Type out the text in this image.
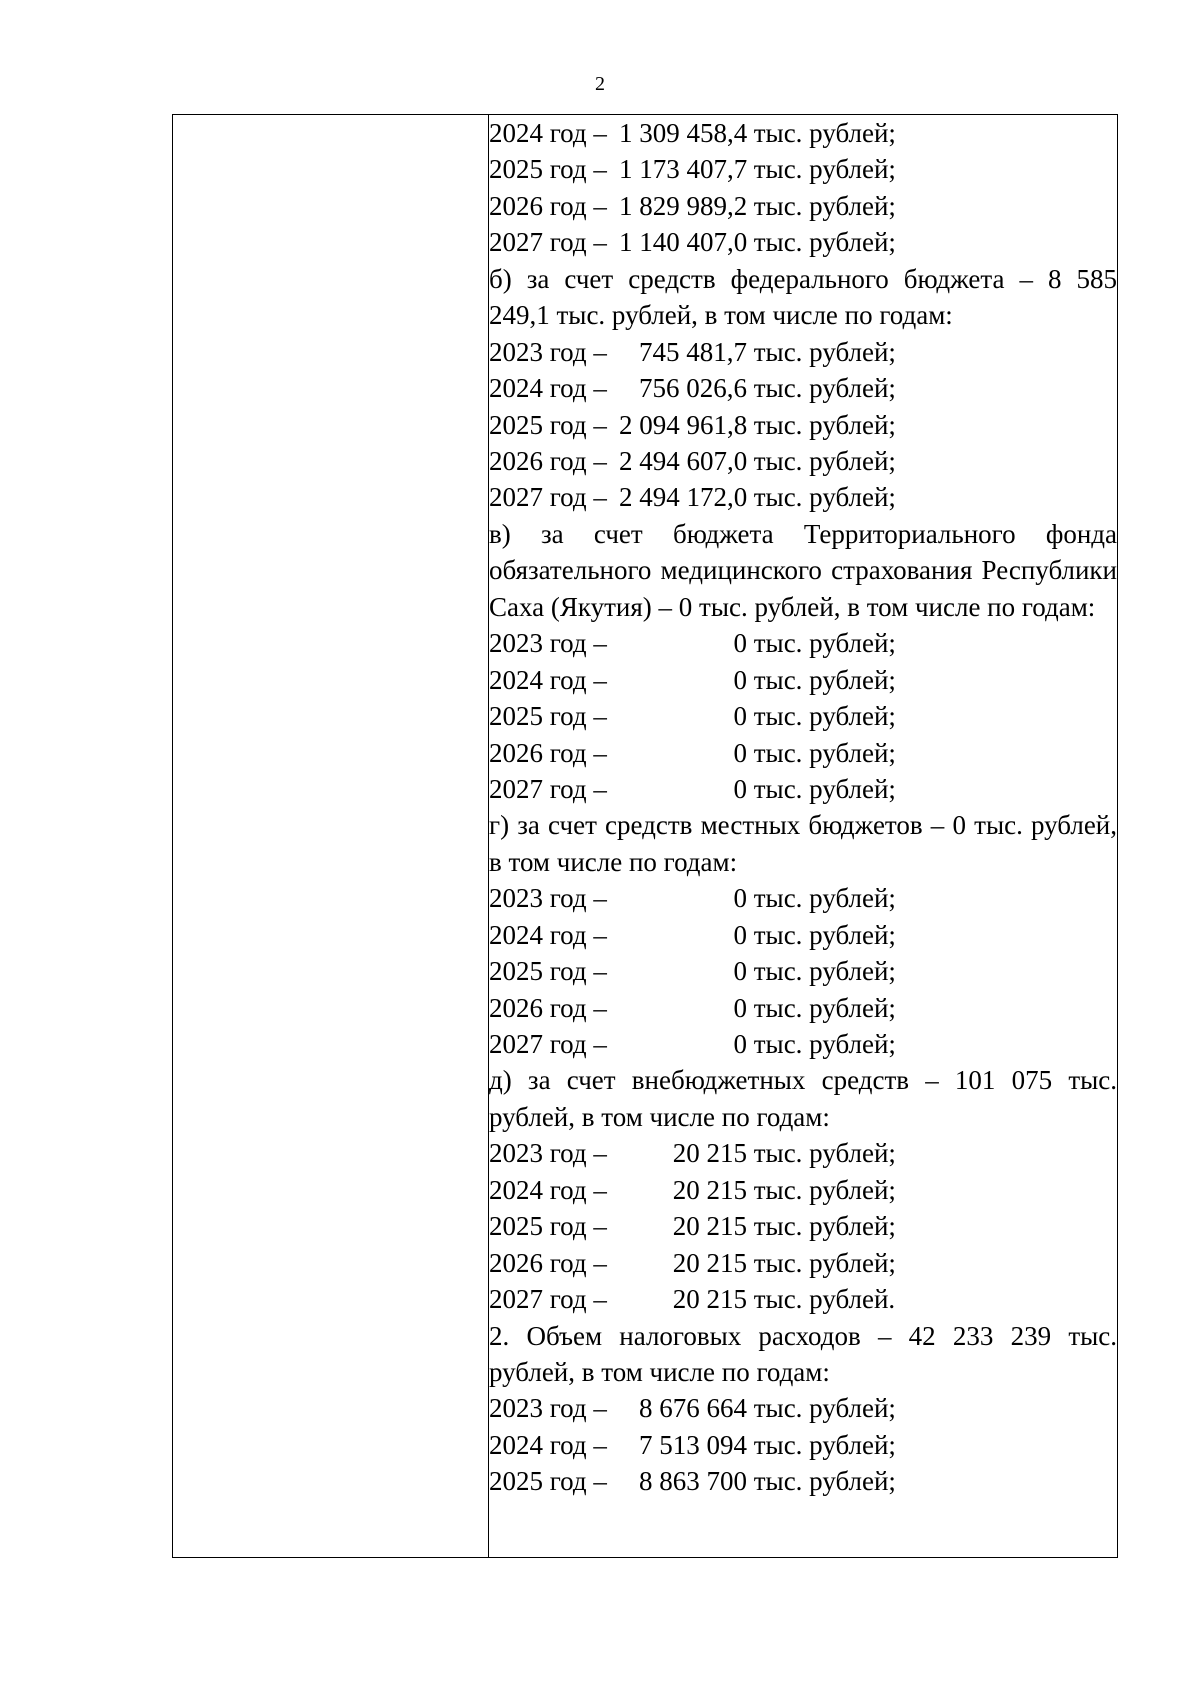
2

2024 год – 1 309 458,4 тыс. рублей;
2025 год – 1 173 407,7 тыс. рублей;
2026 год – 1 829 989,2 тыс. рублей;
2027 год – 1 140 407,0 тыс. рублей;
б) за счет средств федерального бюджета – 8 585 249,1 тыс. рублей, в том числе по годам:
2023 год – 745 481,7 тыс. рублей;
2024 год – 756 026,6 тыс. рублей;
2025 год – 2 094 961,8 тыс. рублей;
2026 год – 2 494 607,0 тыс. рублей;
2027 год – 2 494 172,0 тыс. рублей;
в) за счет бюджета Территориального фонда обязательного медицинского страхования Республики Саха (Якутия) – 0 тыс. рублей, в том числе по годам:
2023 год –	0 тыс. рублей;
2024 год –	0 тыс. рублей;
2025 год –	0 тыс. рублей;
2026 год –	0 тыс. рублей;
2027 год –	0 тыс. рублей;
г) за счет средств местных бюджетов – 0 тыс. рублей, в том числе по годам:
2023 год –	0 тыс. рублей;
2024 год –	0 тыс. рублей;
2025 год –	0 тыс. рублей;
2026 год –	0 тыс. рублей;
2027 год –	0 тыс. рублей;
д) за счет внебюджетных средств – 101 075 тыс. рублей, в том числе по годам:
2023 год – 20 215 тыс. рублей;
2024 год – 20 215 тыс. рублей;
2025 год – 20 215 тыс. рублей;
2026 год – 20 215 тыс. рублей;
2027 год – 20 215 тыс. рублей.
2. Объем налоговых расходов – 42 233 239 тыс. рублей, в том числе по годам:
2023 год – 8 676 664 тыс. рублей;
2024 год – 7 513 094 тыс. рублей;
2025 год – 8 863 700 тыс. рублей;
